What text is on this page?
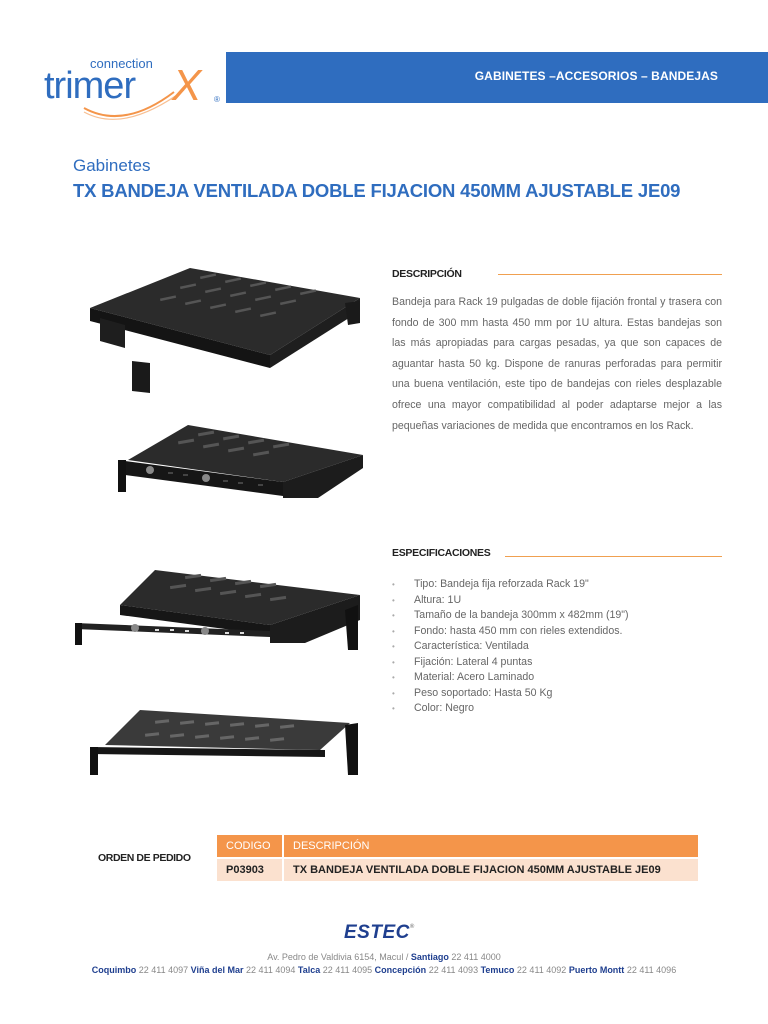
connection
trimer X ®
GABINETES –ACCESORIOS – BANDEJAS
Gabinetes
TX BANDEJA VENTILADA DOBLE FIJACION 450MM AJUSTABLE JE09
DESCRIPCIÓN

Bandeja para Rack 19 pulgadas de doble fijación frontal y trasera con fondo de 300 mm hasta 450 mm por 1U altura. Estas bandejas son las más apropiadas para cargas pesadas, ya que son capaces de aguantar hasta 50 kg. Dispone de ranuras perforadas para permitir una buena ventilación, este tipo de bandejas con rieles desplazable ofrece una mayor compatibilidad al poder adaptarse mejor a las pequeñas variaciones de medida que encontramos en los Rack.

ESPECIFICACIONES
• Tipo: Bandeja fija reforzada Rack 19"
• Altura: 1U
• Tamaño de la bandeja 300mm x 482mm (19")
• Fondo: hasta 450 mm con rieles extendidos.
• Característica: Ventilada
• Fijación: Lateral 4 puntas
• Material: Acero Laminado
• Peso soportado: Hasta 50 Kg
• Color: Negro
ORDEN DE PEDIDO
CODIGO	DESCRIPCIÓN
P03903	TX BANDEJA VENTILADA DOBLE FIJACION 450MM AJUSTABLE JE09
ESTEC®
Av. Pedro de Valdivia 6154, Macul / Santiago 22 411 4000
Coquimbo 22 411 4097 Viña del Mar 22 411 4094 Talca 22 411 4095 Concepción 22 411 4093 Temuco 22 411 4092 Puerto Montt 22 411 4096
